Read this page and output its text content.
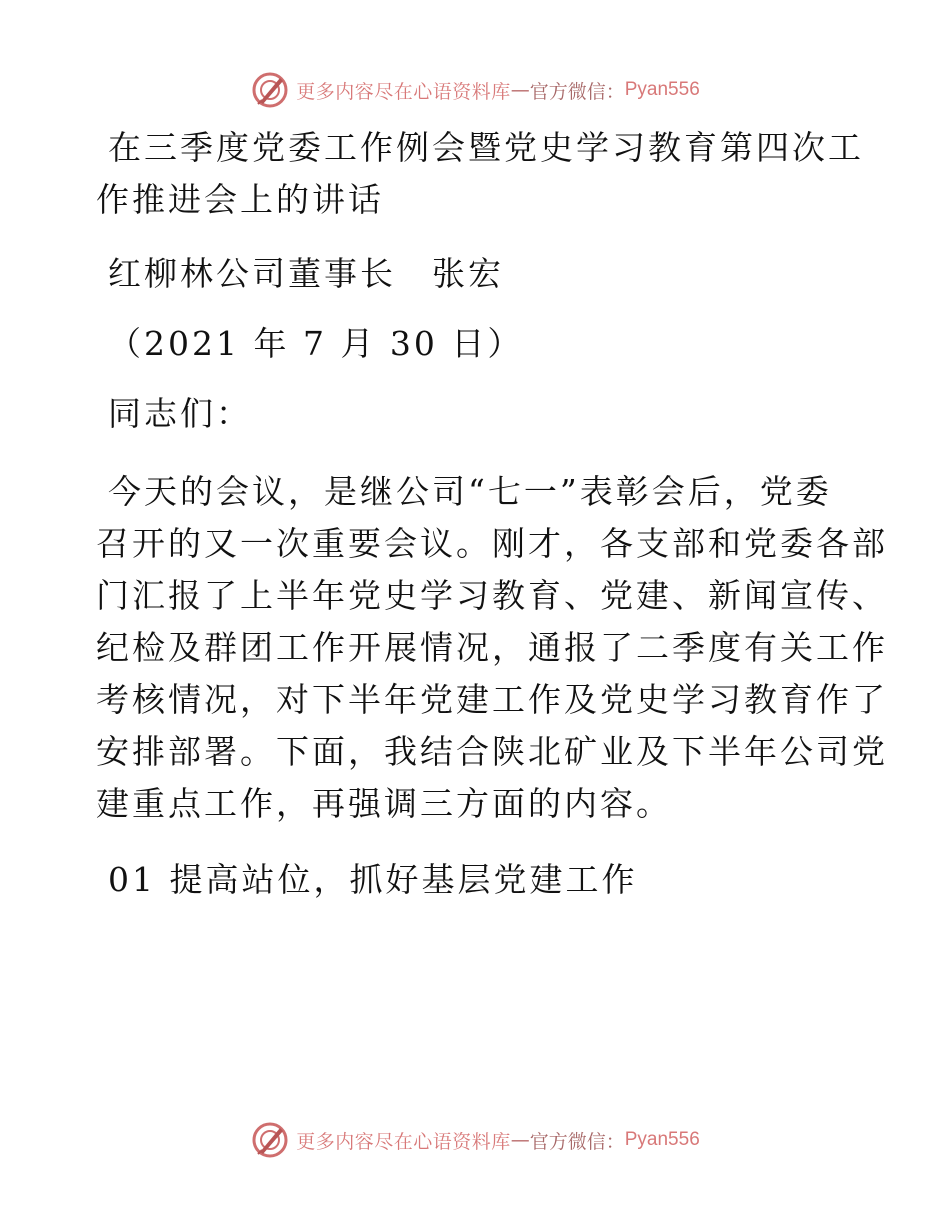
更多内容尽在心语资料库 — 官方微信： Pyan556

在三季度党委工作例会暨党史学习教育第四次工

作推进会上的讲话

红柳林公司董事长　张宏

（2021 年 7 月 30 日）

同志们：

今天的会议，是继公司“七一”表彰会后，党委

召开的又一次重要会议。刚才，各支部和党委各部

门汇报了上半年党史学习教育、党建、新闻宣传、

纪检及群团工作开展情况，通报了二季度有关工作

考核情况，对下半年党建工作及党史学习教育作了

安排部署。下面，我结合陕北矿业及下半年公司党

建重点工作，再强调三方面的内容。

01 提高站位，抓好基层党建工作

更多内容尽在心语资料库 — 官方微信： Pyan556
